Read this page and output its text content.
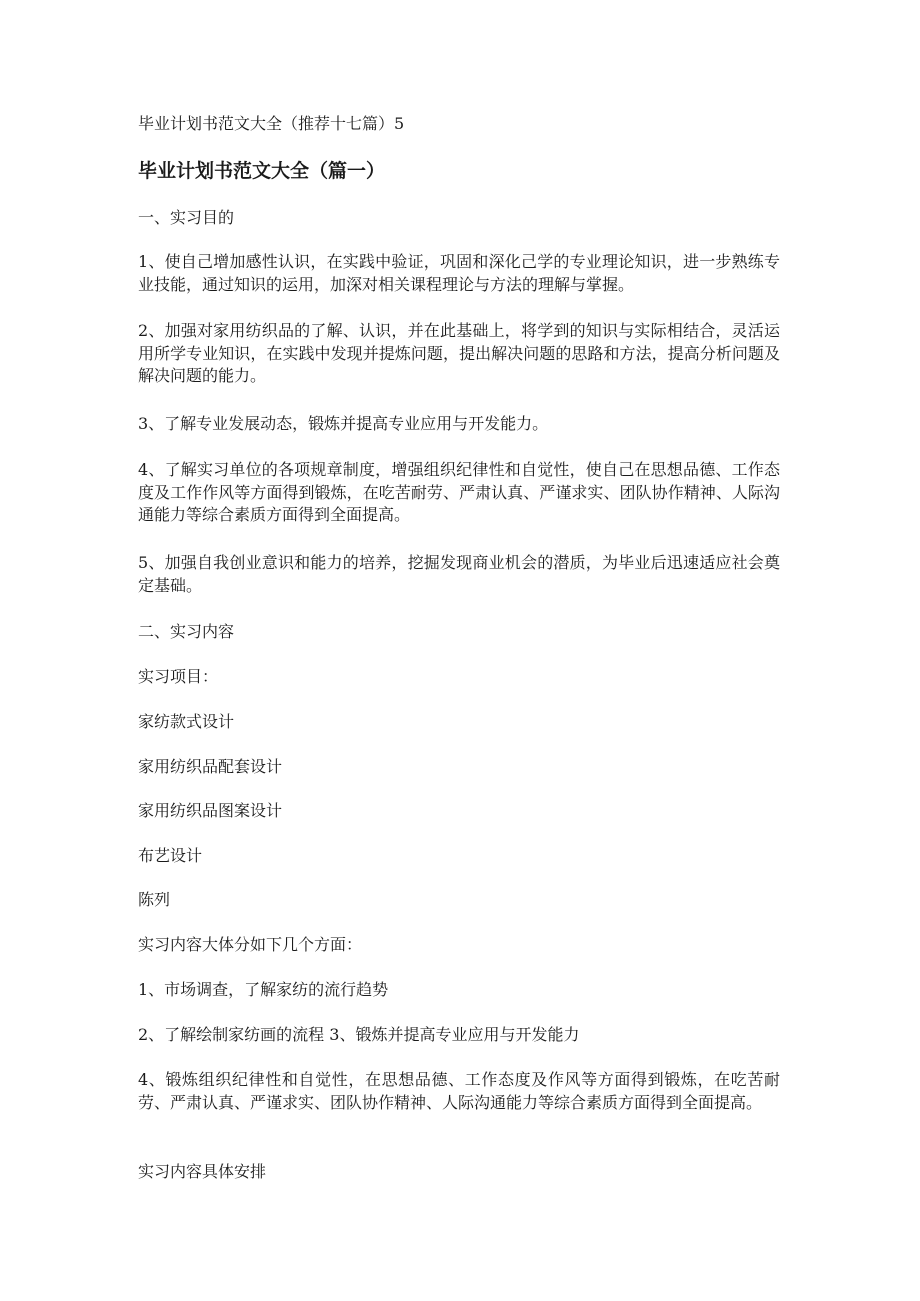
毕业计划书范文大全（推荐十七篇）5

毕业计划书范文大全（篇一）

一、实习目的

1、使自己增加感性认识，在实践中验证，巩固和深化己学的专业理论知识，进一步熟练专业技能，通过知识的运用，加深对相关课程理论与方法的理解与掌握。

2、加强对家用纺织品的了解、认识，并在此基础上，将学到的知识与实际相结合，灵活运用所学专业知识，在实践中发现并提炼问题，提出解决问题的思路和方法，提高分析问题及解决问题的能力。

3、了解专业发展动态，锻炼并提高专业应用与开发能力。

4、了解实习单位的各项规章制度，增强组织纪律性和自觉性，使自己在思想品德、工作态度及工作作风等方面得到锻炼，在吃苦耐劳、严肃认真、严谨求实、团队协作精神、人际沟通能力等综合素质方面得到全面提高。

5、加强自我创业意识和能力的培养，挖掘发现商业机会的潜质，为毕业后迅速适应社会奠定基础。

二、实习内容

实习项目：

家纺款式设计

家用纺织品配套设计

家用纺织品图案设计

布艺设计

陈列

实习内容大体分如下几个方面：

1、市场调查，了解家纺的流行趋势

2、了解绘制家纺画的流程 3、锻炼并提高专业应用与开发能力

4、锻炼组织纪律性和自觉性，在思想品德、工作态度及作风等方面得到锻炼，在吃苦耐劳、严肃认真、严谨求实、团队协作精神、人际沟通能力等综合素质方面得到全面提高。

实习内容具体安排
